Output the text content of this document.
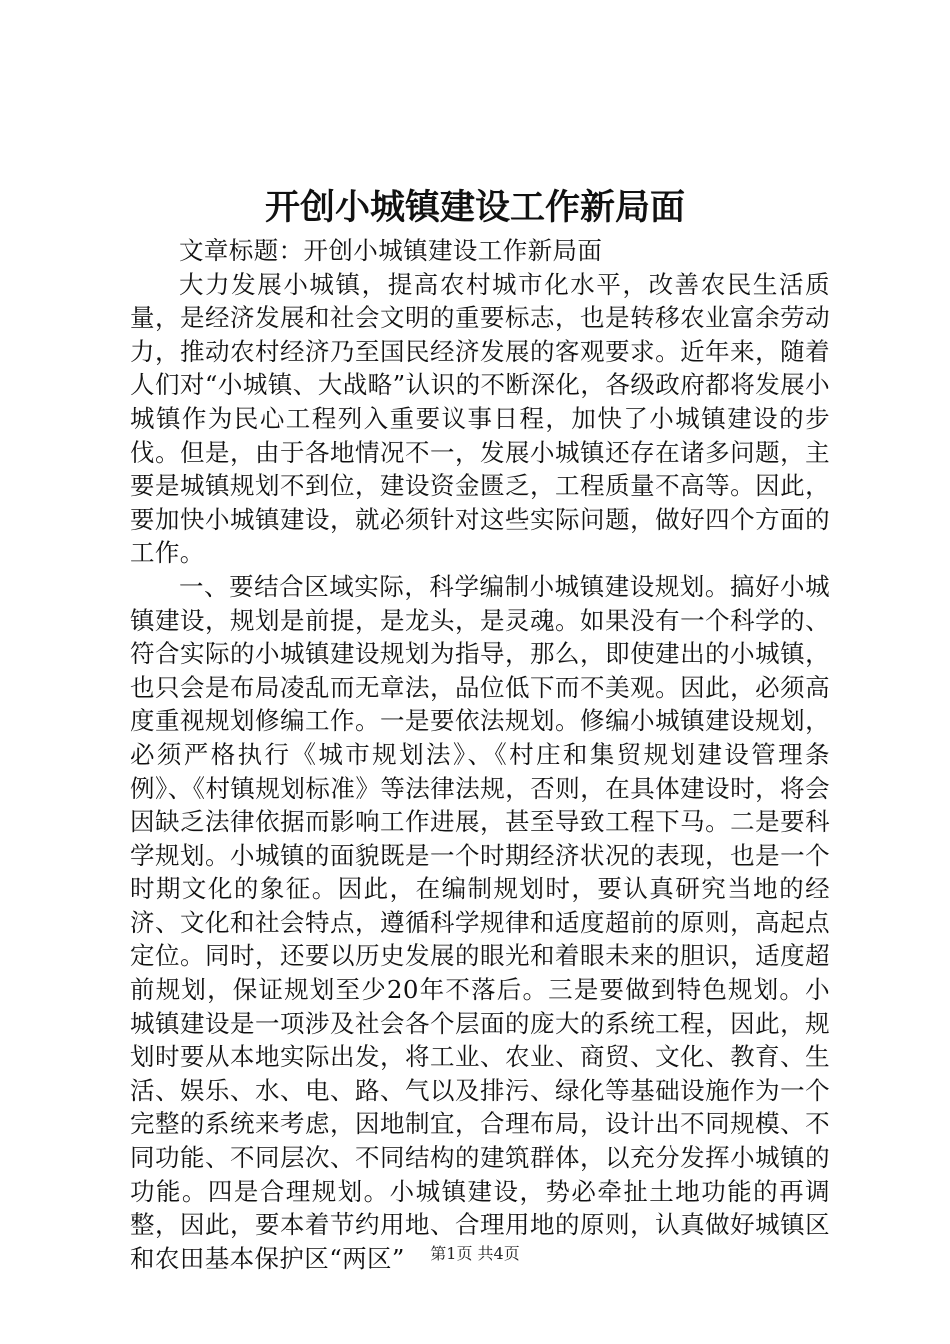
开创小城镇建设工作新局面

文章标题：开创小城镇建设工作新局面

大力发展小城镇，提高农村城市化水平，改善农民生活质量，是经济发展和社会文明的重要标志，也是转移农业富余劳动力，推动农村经济乃至国民经济发展的客观要求。近年来，随着人们对“小城镇、大战略”认识的不断深化，各级政府都将发展小城镇作为民心工程列入重要议事日程，加快了小城镇建设的步伐。但是，由于各地情况不一，发展小城镇还存在诸多问题，主要是城镇规划不到位，建设资金匮乏，工程质量不高等。因此，要加快小城镇建设，就必须针对这些实际问题，做好四个方面的工作。

一、要结合区域实际，科学编制小城镇建设规划。搞好小城镇建设，规划是前提，是龙头，是灵魂。如果没有一个科学的、符合实际的小城镇建设规划为指导，那么，即使建出的小城镇，也只会是布局凌乱而无章法，品位低下而不美观。因此，必须高度重视规划修编工作。一是要依法规划。修编小城镇建设规划，必须严格执行《城市规划法》、《村庄和集贸规划建设管理条例》、《村镇规划标准》等法律法规，否则，在具体建设时，将会因缺乏法律依据而影响工作进展，甚至导致工程下马。二是要科学规划。小城镇的面貌既是一个时期经济状况的表现，也是一个时期文化的象征。因此，在编制规划时，要认真研究当地的经济、文化和社会特点，遵循科学规律和适度超前的原则，高起点定位。同时，还要以历史发展的眼光和着眼未来的胆识，适度超前规划，保证规划至少20年不落后。三是要做到特色规划。小城镇建设是一项涉及社会各个层面的庞大的系统工程，因此，规划时要从本地实际出发，将工业、农业、商贸、文化、教育、生活、娱乐、水、电、路、气以及排污、绿化等基础设施作为一个完整的系统来考虑，因地制宜，合理布局，设计出不同规模、不同功能、不同层次、不同结构的建筑群体，以充分发挥小城镇的功能。四是合理规划。小城镇建设，势必牵扯土地功能的再调整，因此，要本着节约用地、合理用地的原则，认真做好城镇区和农田基本保护区“两区”	第1页 共4页
